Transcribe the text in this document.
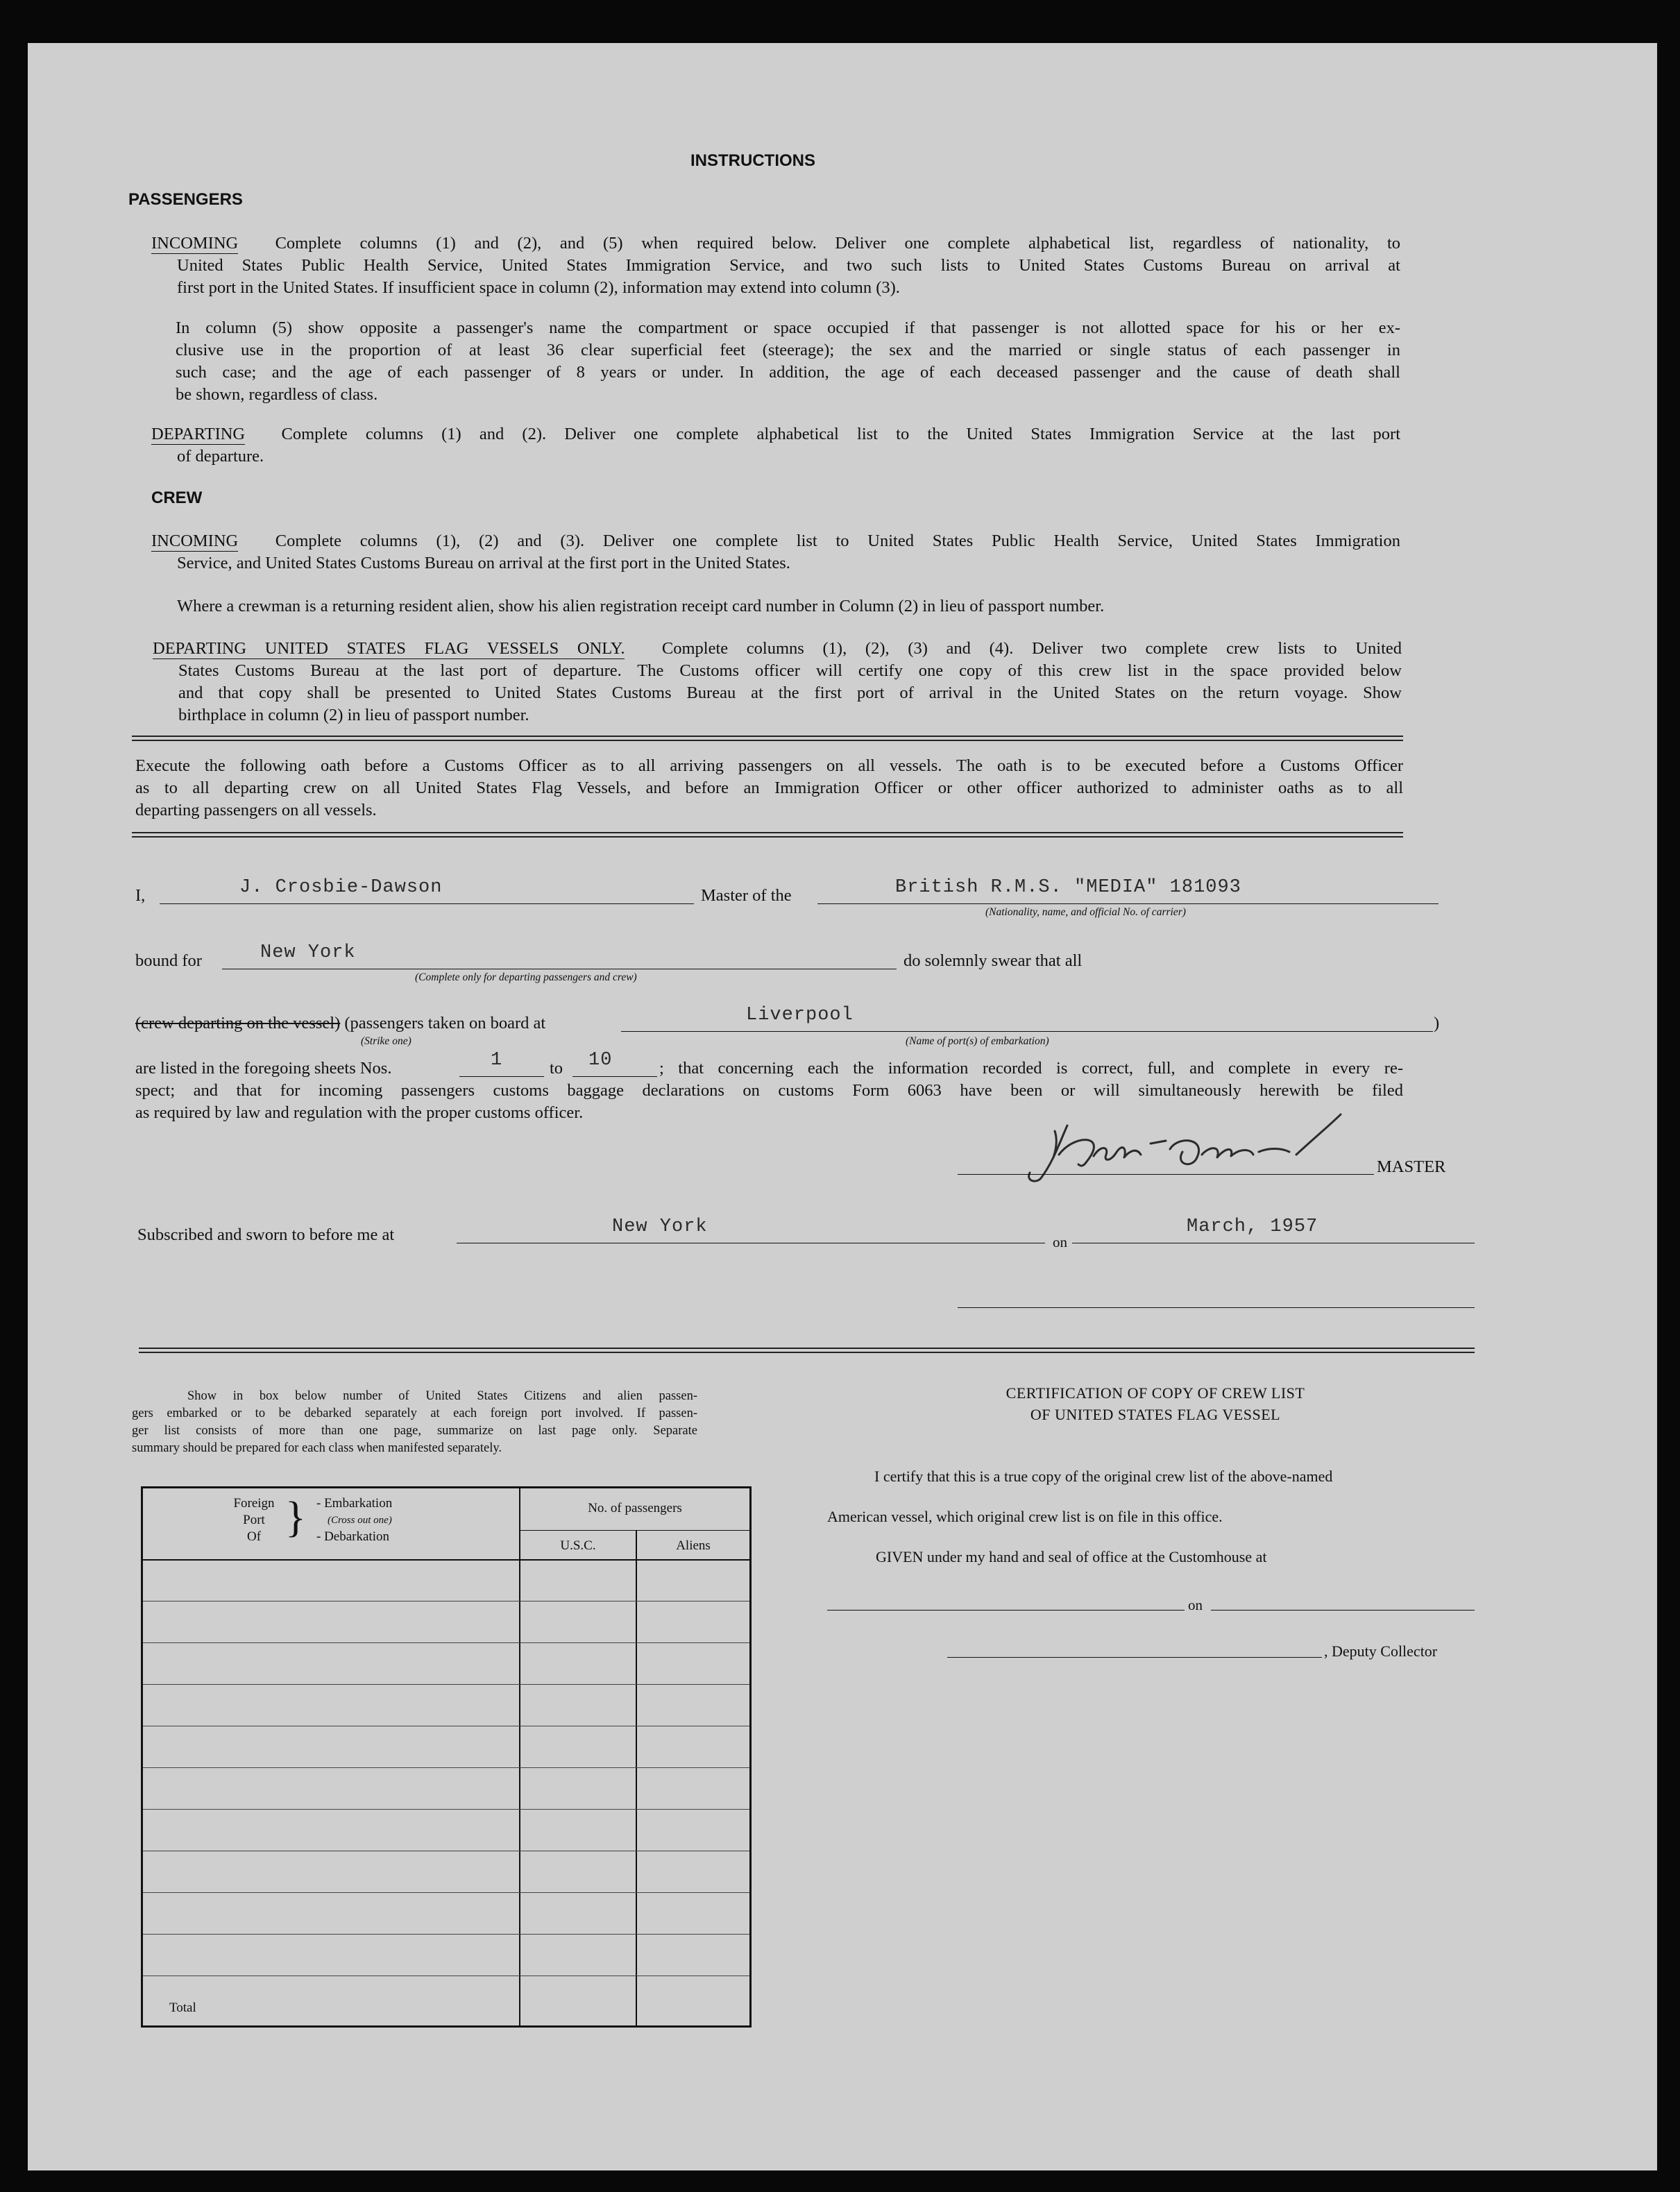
INSTRUCTIONS
PASSENGERS
INCOMING Complete columns (1) and (2), and (5) when required below. Deliver one complete alphabetical list, regardless of nationality, to
United States Public Health Service, United States Immigration Service, and two such lists to United States Customs Bureau on arrival at
first port in the United States. If insufficient space in column (2), information may extend into column (3).
In column (5) show opposite a passenger's name the compartment or space occupied if that passenger is not allotted space for his or her ex-
clusive use in the proportion of at least 36 clear superficial feet (steerage); the sex and the married or single status of each passenger in
such case; and the age of each passenger of 8 years or under. In addition, the age of each deceased passenger and the cause of death shall
be shown, regardless of class.
DEPARTING Complete columns (1) and (2). Deliver one complete alphabetical list to the United States Immigration Service at the last port
of departure.
CREW
INCOMING Complete columns (1), (2) and (3). Deliver one complete list to United States Public Health Service, United States Immigration
Service, and United States Customs Bureau on arrival at the first port in the United States.
Where a crewman is a returning resident alien, show his alien registration receipt card number in Column (2) in lieu of passport number.
DEPARTING UNITED STATES FLAG VESSELS ONLY. Complete columns (1), (2), (3) and (4). Deliver two complete crew lists to United
States Customs Bureau at the last port of departure. The Customs officer will certify one copy of this crew list in the space provided below
and that copy shall be presented to United States Customs Bureau at the first port of arrival in the United States on the return voyage. Show
birthplace in column (2) in lieu of passport number.
Execute the following oath before a Customs Officer as to all arriving passengers on all vessels. The oath is to be executed before a Customs Officer
as to all departing crew on all United States Flag Vessels, and before an Immigration Officer or other officer authorized to administer oaths as to all
departing passengers on all vessels.
I,	J. Crosbie-Dawson	Master of the	British R.M.S. "MEDIA" 181093
(Nationality, name, and official No. of carrier)
bound for	New York
(Complete only for departing passengers and crew)
do solemnly swear that all
(crew departing on the vessel) (passengers taken on board at
(Strike one)
Liverpool
(Name of port(s) of embarkation)
)
are listed in the foregoing sheets Nos.	1	to 10	; that concerning each the information recorded is correct, full, and complete in every re-
spect; and that for incoming passengers customs baggage declarations on customs Form 6063 have been or will simultaneously herewith be filed
as required by law and regulation with the proper customs officer.
MASTER
Subscribed and sworn to before me at	New York
on
March, 1957
Show in box below number of United States Citizens and alien passen-
gers embarked or to be debarked separately at each foreign port involved. If passen-
ger list consists of more than one page, summarize on last page only. Separate
summary should be prepared for each class when manifested separately.
Foreign
Port
Of } - Embarkation
(Cross out one)
- Debarkation
No. of passengers
U.S.C.	Aliens
Total
CERTIFICATION OF COPY OF CREW LIST
OF UNITED STATES FLAG VESSEL
I certify that this is a true copy of the original crew list of the above-named
American vessel, which original crew list is on file in this office.
GIVEN under my hand and seal of office at the Customhouse at
on
, Deputy Collector
